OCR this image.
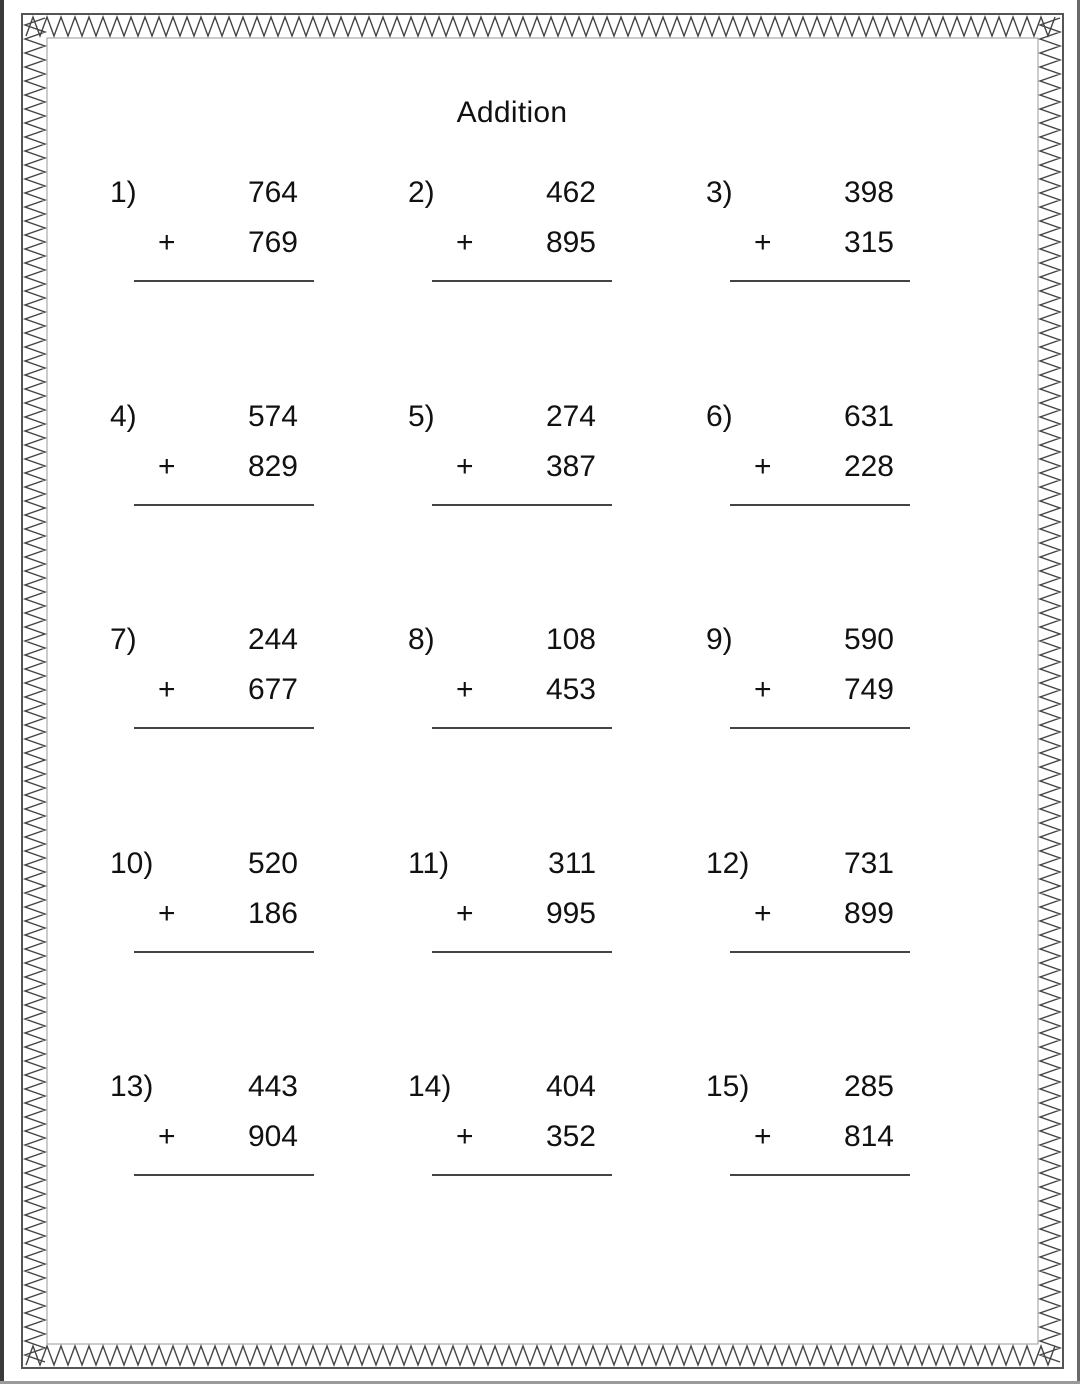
Addition
1)	764
+ 769
2)	462
+ 895
3)	398
+ 315
4)	574
+ 829
5)	274
+ 387
6)	631
+ 228
7)	244
+ 677
8)	108
+ 453
9)	590
+ 749
10)	520
+ 186
11)	311
+ 995
12)	731
+ 899
13)	443
+ 904
14)	404
+ 352
15)	285
+ 814
